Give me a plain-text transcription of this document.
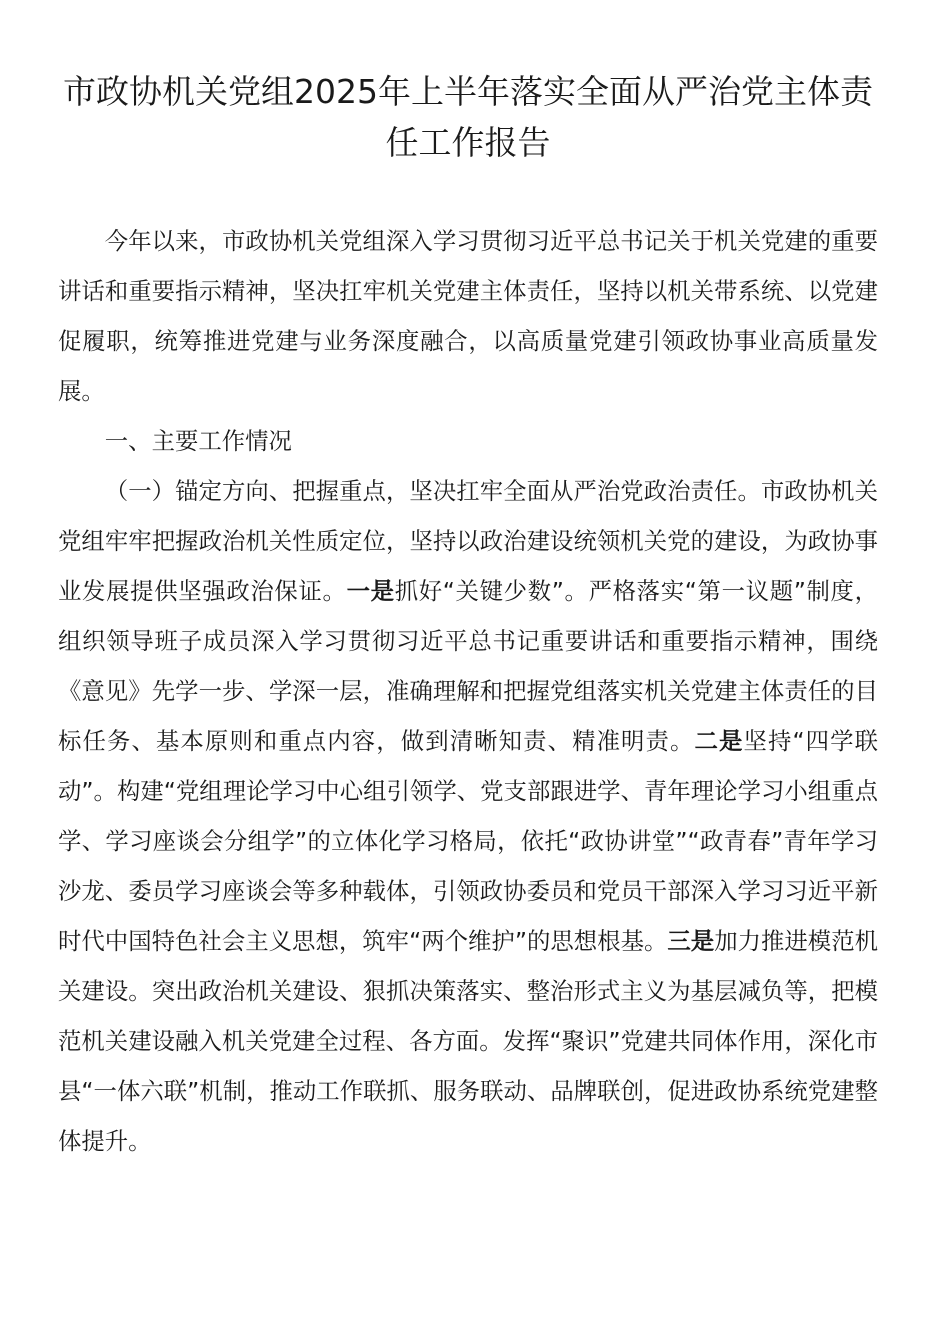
市政协机关党组2025年上半年落实全面从严治党主体责任工作报告

今年以来，市政协机关党组深入学习贯彻习近平总书记关于机关党建的重要讲话和重要指示精神，坚决扛牢机关党建主体责任，坚持以机关带系统、以党建促履职，统筹推进党建与业务深度融合，以高质量党建引领政协事业高质量发展。

一、主要工作情况

（一）锚定方向、把握重点，坚决扛牢全面从严治党政治责任。市政协机关党组牢牢把握政治机关性质定位，坚持以政治建设统领机关党的建设，为政协事业发展提供坚强政治保证。一是抓好“关键少数”。严格落实“第一议题”制度，组织领导班子成员深入学习贯彻习近平总书记重要讲话和重要指示精神，围绕《意见》先学一步、学深一层，准确理解和把握党组落实机关党建主体责任的目标任务、基本原则和重点内容，做到清晰知责、精准明责。二是坚持“四学联动”。构建“党组理论学习中心组引领学、党支部跟进学、青年理论学习小组重点学、学习座谈会分组学”的立体化学习格局，依托“政协讲堂”“政青春”青年学习沙龙、委员学习座谈会等多种载体，引领政协委员和党员干部深入学习习近平新时代中国特色社会主义思想，筑牢“两个维护”的思想根基。三是加力推进模范机关建设。突出政治机关建设、狠抓决策落实、整治形式主义为基层减负等，把模范机关建设融入机关党建全过程、各方面。发挥“聚识”党建共同体作用，深化市县“一体六联”机制，推动工作联抓、服务联动、品牌联创，促进政协系统党建整体提升。
